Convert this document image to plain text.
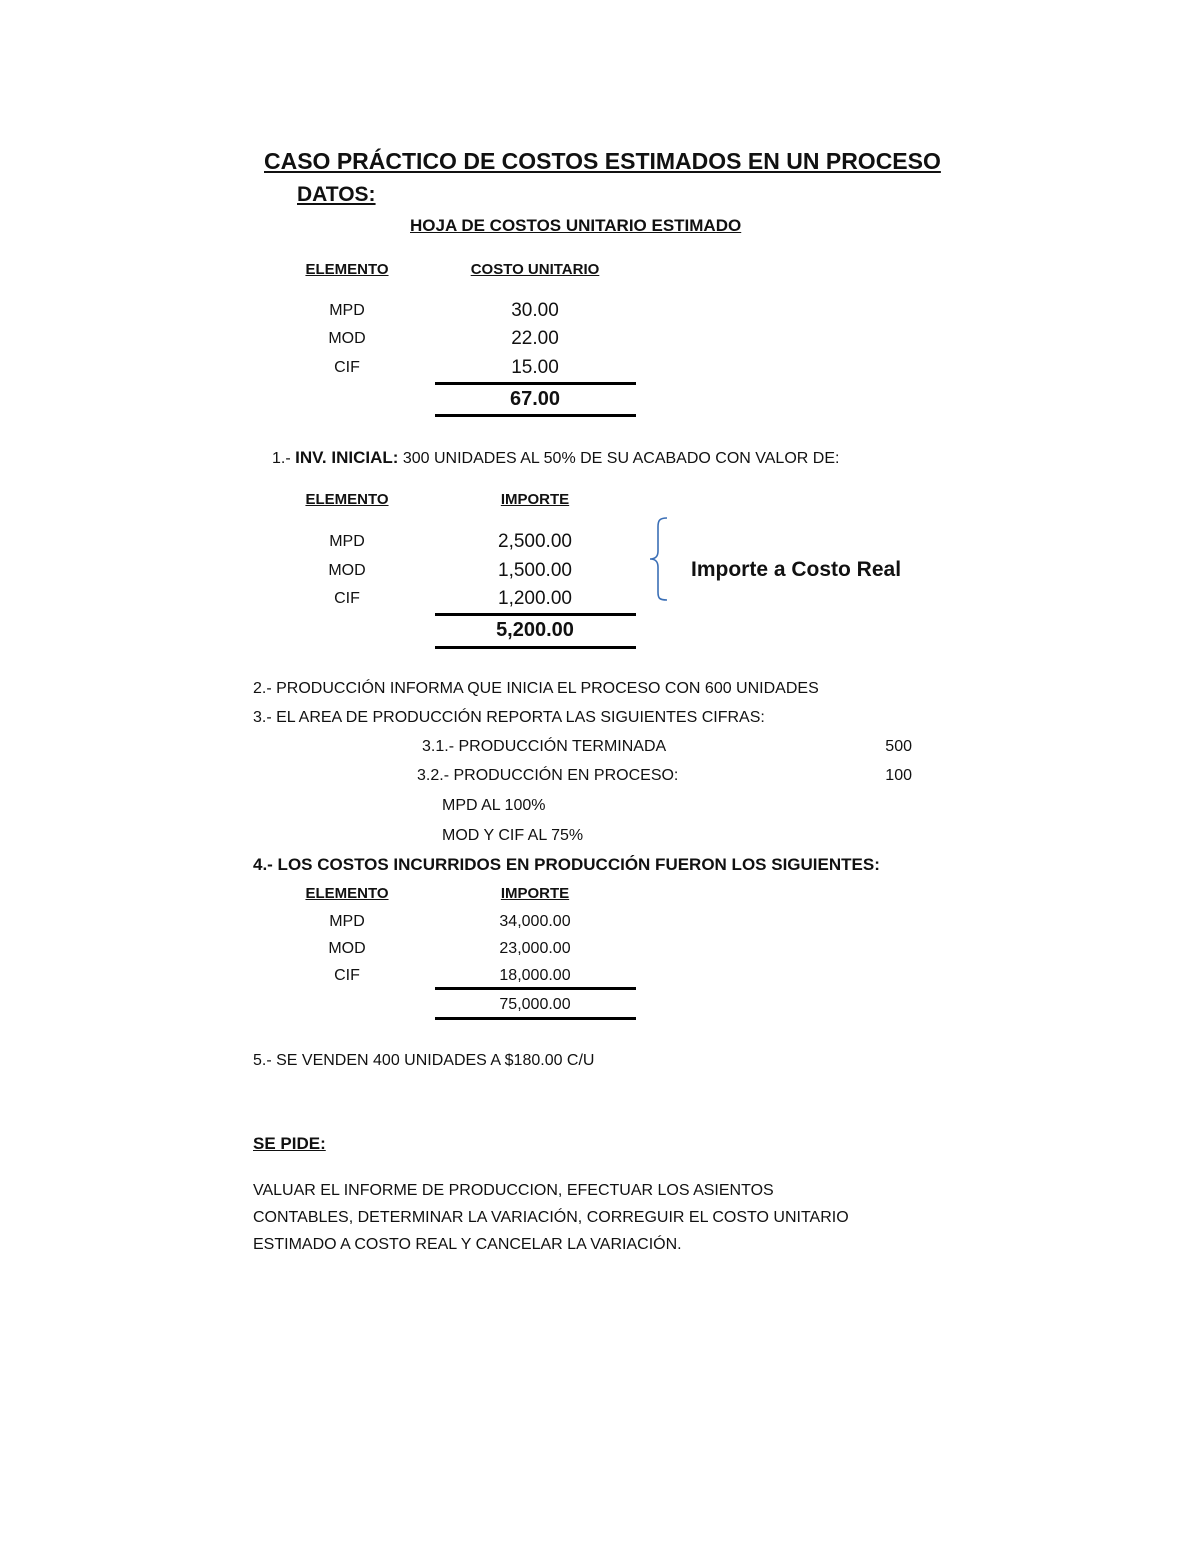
CASO PRÁCTICO DE COSTOS ESTIMADOS EN UN PROCESO
DATOS:
HOJA DE COSTOS UNITARIO ESTIMADO
ELEMENTO	COSTO UNITARIO
MPD	30.00
MOD	22.00
CIF	15.00
67.00
1.- INV. INICIAL: 300 UNIDADES AL 50% DE SU ACABADO CON VALOR DE:
ELEMENTO	IMPORTE
MPD	2,500.00
MOD	1,500.00
CIF	1,200.00
5,200.00
Importe a Costo Real
2.- PRODUCCIÓN INFORMA QUE INICIA EL PROCESO CON 600 UNIDADES
3.- EL AREA DE PRODUCCIÓN REPORTA LAS SIGUIENTES CIFRAS:
3.1.- PRODUCCIÓN TERMINADA	500
3.2.- PRODUCCIÓN EN PROCESO:	100
MPD AL 100%
MOD Y CIF AL 75%
4.- LOS COSTOS INCURRIDOS EN PRODUCCIÓN FUERON LOS SIGUIENTES:
ELEMENTO	IMPORTE
MPD	34,000.00
MOD	23,000.00
CIF	18,000.00
75,000.00
5.- SE VENDEN 400 UNIDADES A $180.00 C/U
SE PIDE:
VALUAR EL INFORME DE PRODUCCION, EFECTUAR LOS ASIENTOS
CONTABLES, DETERMINAR LA VARIACIÓN, CORREGUIR EL COSTO UNITARIO
ESTIMADO A COSTO REAL Y CANCELAR LA VARIACIÓN.
